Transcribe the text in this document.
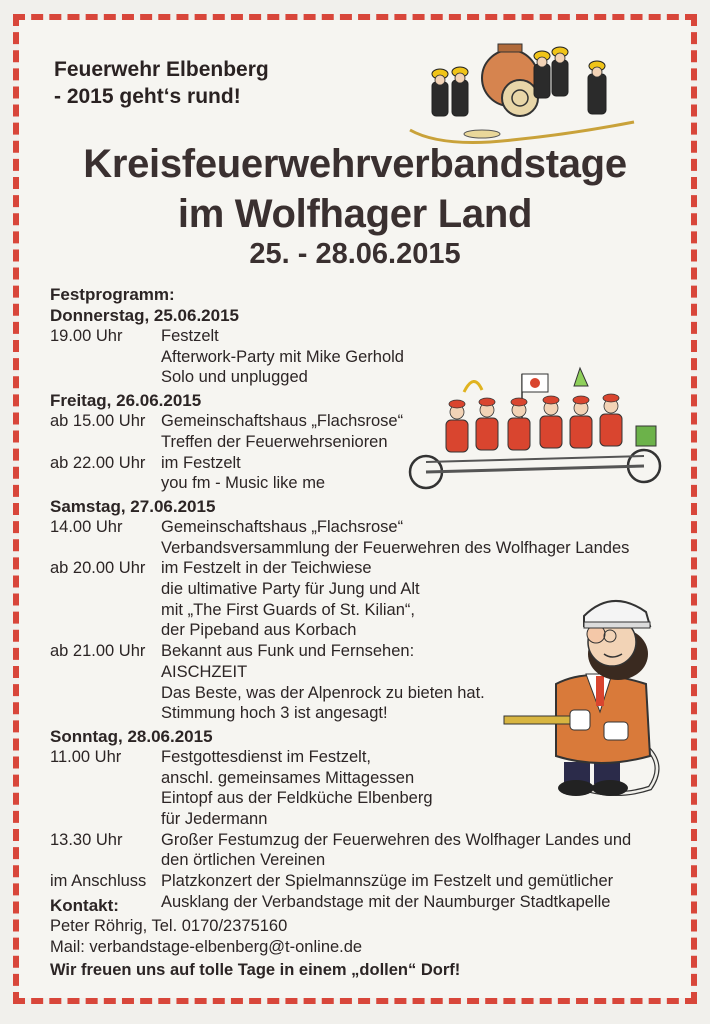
Feuerwehr Elbenberg
- 2015 geht‘s rund!
Kreisfeuerwehrverbandstage
im Wolfhager Land
25. - 28.06.2015
Festprogramm:
Donnerstag, 25.06.2015
19.00 Uhr	Festzelt
Afterwork-Party mit Mike Gerhold
Solo und unplugged
Freitag, 26.06.2015
ab 15.00 Uhr Gemeinschaftshaus „Flachsrose“
Treffen der Feuerwehrsenioren
ab 22.00 Uhr im Festzelt
you fm - Music like me
Samstag, 27.06.2015
14.00 Uhr	Gemeinschaftshaus „Flachsrose“
Verbandsversammlung der Feuerwehren des Wolfhager Landes
ab 20.00 Uhr im Festzelt in der Teichwiese
die ultimative Party für Jung und Alt
mit „The First Guards of St. Kilian“,
der Pipeband aus Korbach
ab 21.00 Uhr Bekannt aus Funk und Fernsehen:
AISCHZEIT
Das Beste, was der Alpenrock zu bieten hat.
Stimmung hoch 3 ist angesagt!
Sonntag, 28.06.2015
11.00 Uhr	Festgottesdienst im Festzelt,
anschl. gemeinsames Mittagessen
Eintopf aus der Feldküche Elbenberg
für Jedermann
13.30 Uhr	Großer Festumzug der Feuerwehren des Wolfhager Landes und
den örtlichen Vereinen
im Anschluss Platzkonzert der Spielmannszüge im Festzelt und gemütlicher
Ausklang der Verbandstage mit der Naumburger Stadtkapelle
Kontakt:
Peter Röhrig, Tel. 0170/2375160
Mail: verbandstage-elbenberg@t-online.de
Wir freuen uns auf tolle Tage in einem „dollen“ Dorf!
